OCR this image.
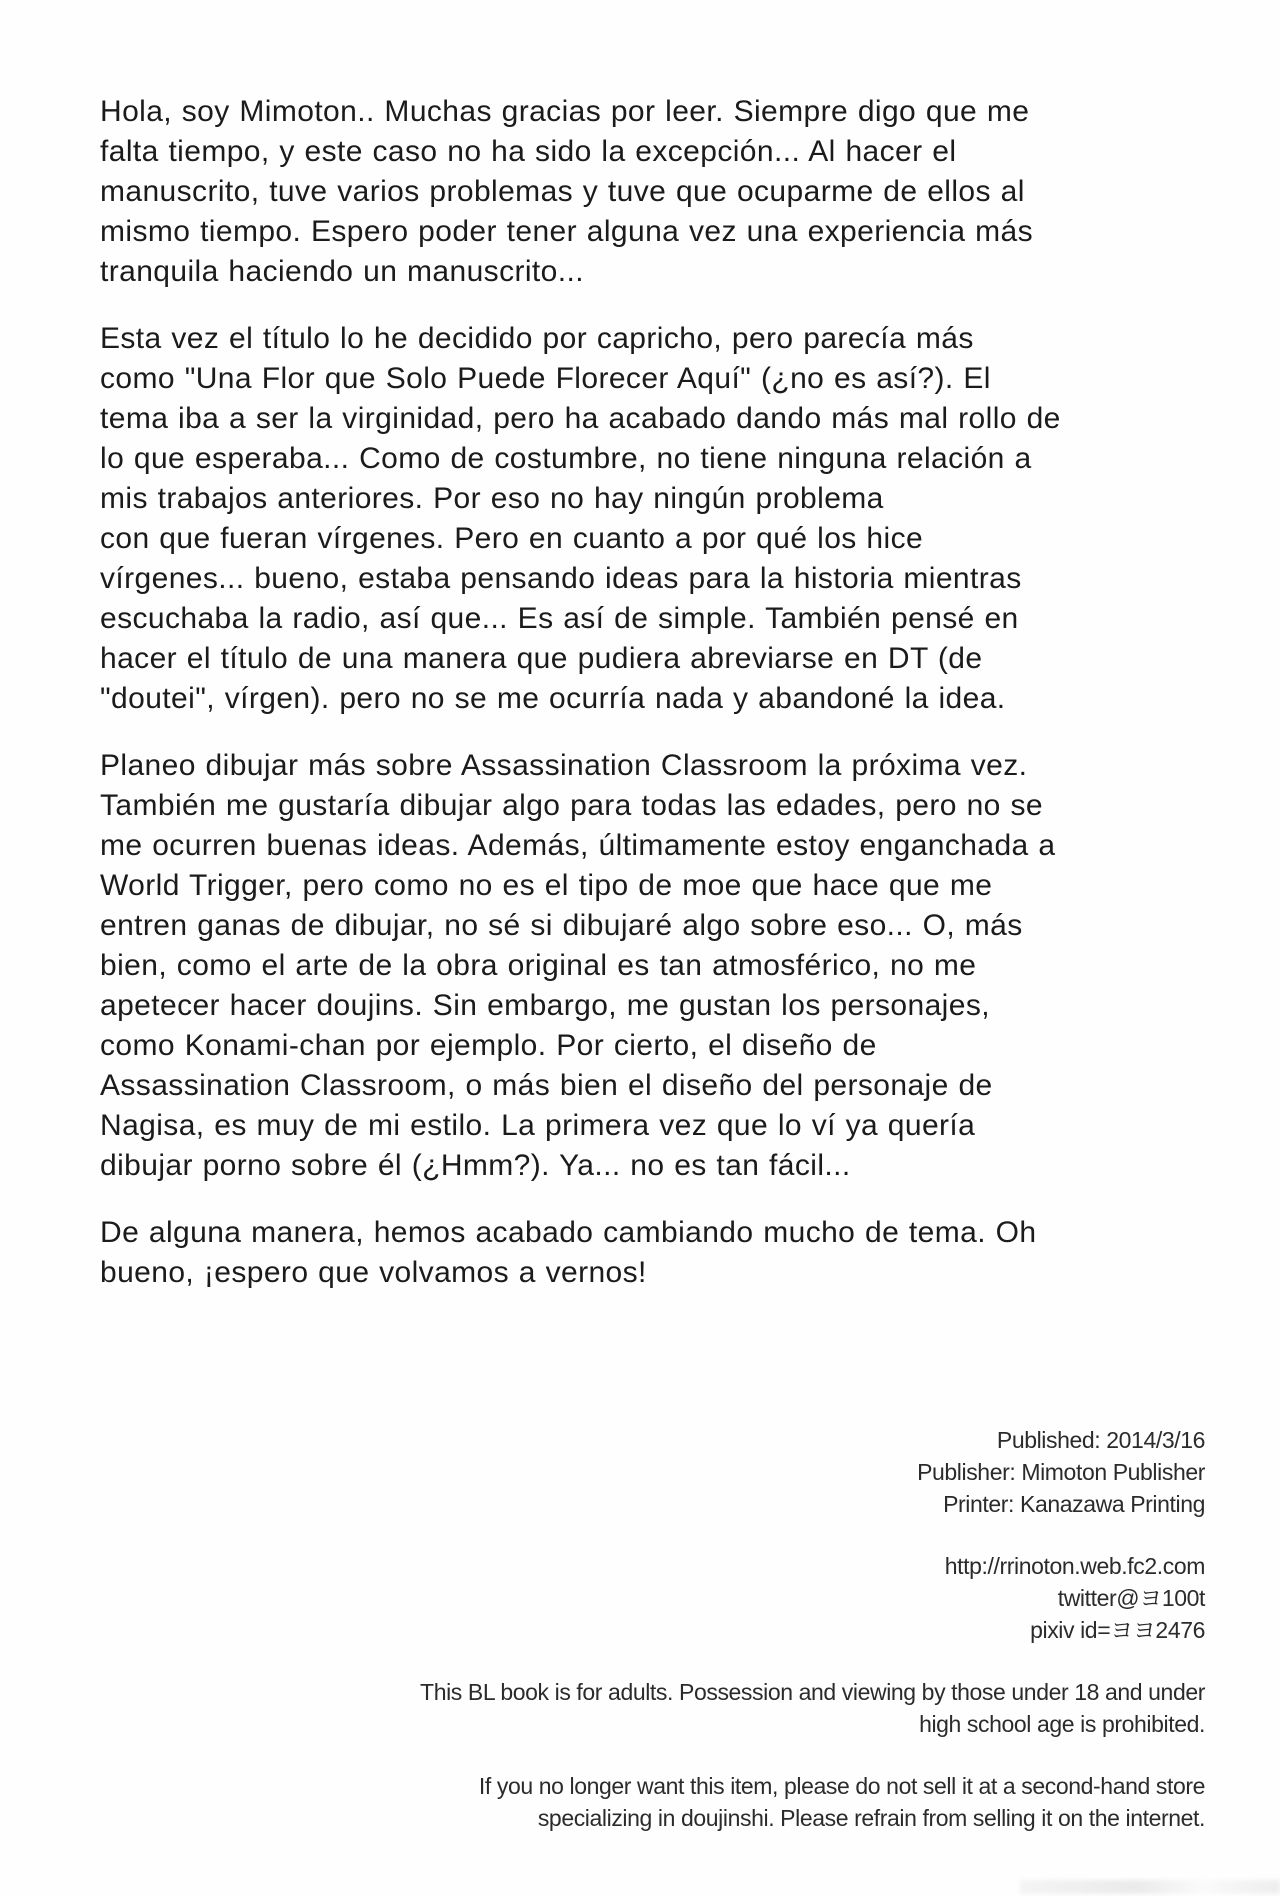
Hola, soy Mimoton.. Muchas gracias por leer. Siempre digo que me
falta tiempo, y este caso no ha sido la excepción... Al hacer el
manuscrito, tuve varios problemas y tuve que ocuparme de ellos al
mismo tiempo. Espero poder tener alguna vez una experiencia más
tranquila haciendo un manuscrito...
Esta vez el título lo he decidido por capricho, pero parecía más
como "Una Flor que Solo Puede Florecer Aquí" (¿no es así?). El
tema iba a ser la virginidad, pero ha acabado dando más mal rollo de
lo que esperaba... Como de costumbre, no tiene ninguna relación a
mis trabajos anteriores. Por eso no hay ningún problema
con que fueran vírgenes. Pero en cuanto a por qué los hice
vírgenes... bueno, estaba pensando ideas para la historia mientras
escuchaba la radio, así que... Es así de simple. También pensé en
hacer el título de una manera que pudiera abreviarse en DT (de
"doutei", vírgen). pero no se me ocurría nada y abandoné la idea.
Planeo dibujar más sobre Assassination Classroom la próxima vez.
También me gustaría dibujar algo para todas las edades, pero no se
me ocurren buenas ideas. Además, últimamente estoy enganchada a
World Trigger, pero como no es el tipo de moe que hace que me
entren ganas de dibujar, no sé si dibujaré algo sobre eso... O, más
bien, como el arte de la obra original es tan atmosférico, no me
apetecer hacer doujins. Sin embargo, me gustan los personajes,
como Konami-chan por ejemplo. Por cierto, el diseño de
Assassination Classroom, o más bien el diseño del personaje de
Nagisa, es muy de mi estilo. La primera vez que lo ví ya quería
dibujar porno sobre él (¿Hmm?). Ya... no es tan fácil...
De alguna manera, hemos acabado cambiando mucho de tema. Oh
bueno, ¡espero que volvamos a vernos!
Published: 2014/3/16
Publisher: Mimoton Publisher
Printer: Kanazawa Printing
http://rrinoton.web.fc2.com
twitter@ヨ100t
pixiv id=ヨヨ2476
This BL book is for adults. Possession and viewing by those under 18 and under
high school age is prohibited.
If you no longer want this item, please do not sell it at a second-hand store
specializing in doujinshi. Please refrain from selling it on the internet.
